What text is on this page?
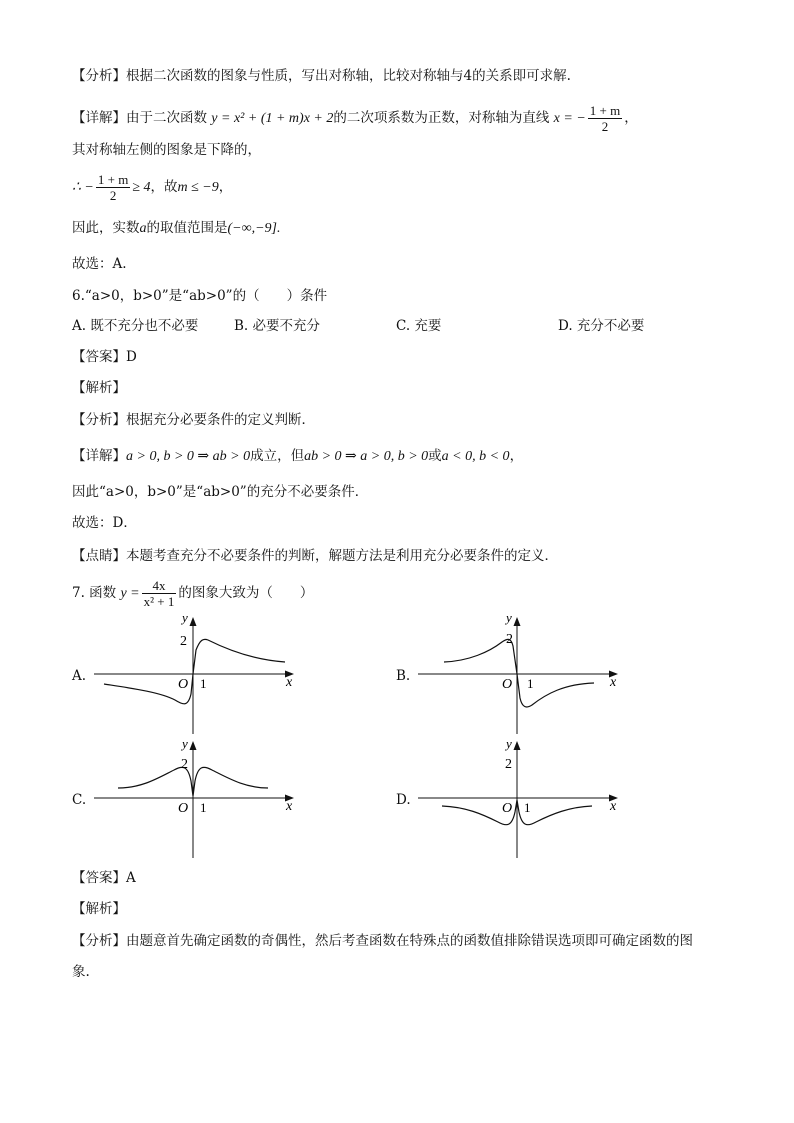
【分析】根据二次函数的图象与性质，写出对称轴，比较对称轴与4的关系即可求解.
【详解】由于二次函数 y = x² + (1 + m)x + 2的二次项系数为正数，对称轴为直线 x = − $\frac{1 + m}{2}$ ，
其对称轴左侧的图象是下降的，
∴ − $\frac{1 + m}{2} \ge 4$，故m ≤ −9，
因此，实数a的取值范围是(−∞,−9].
故选：A.
6.“a>0，b>0”是“ab>0”的（　　）条件
A. 既不充分也不必要	B. 必要不充分	C. 充要	D. 充分不必要
【答案】D
【解析】
【分析】根据充分必要条件的定义判断．
【详解】a > 0, b > 0 ⇒ ab > 0成立，但ab > 0 ⇒ a > 0, b > 0或a < 0, b < 0，
因此“a>0，b>0”是“ab>0”的充分不必要条件．
故选：D．
【点睛】本题考查充分不必要条件的判断，解题方法是利用充分必要条件的定义．
7. 函数 $y = \frac{4x}{\text{x² + 1}}$ 的图象大致为（　　）
A.
y
x
O 1
2
B.
y
x
O 1
2
C.
y
x
O 1
2
D.
y
x
O 1
2
【答案】A
【解析】
【分析】由题意首先确定函数的奇偶性，然后考查函数在特殊点的函数值排除错误选项即可确定函数的图
象.
